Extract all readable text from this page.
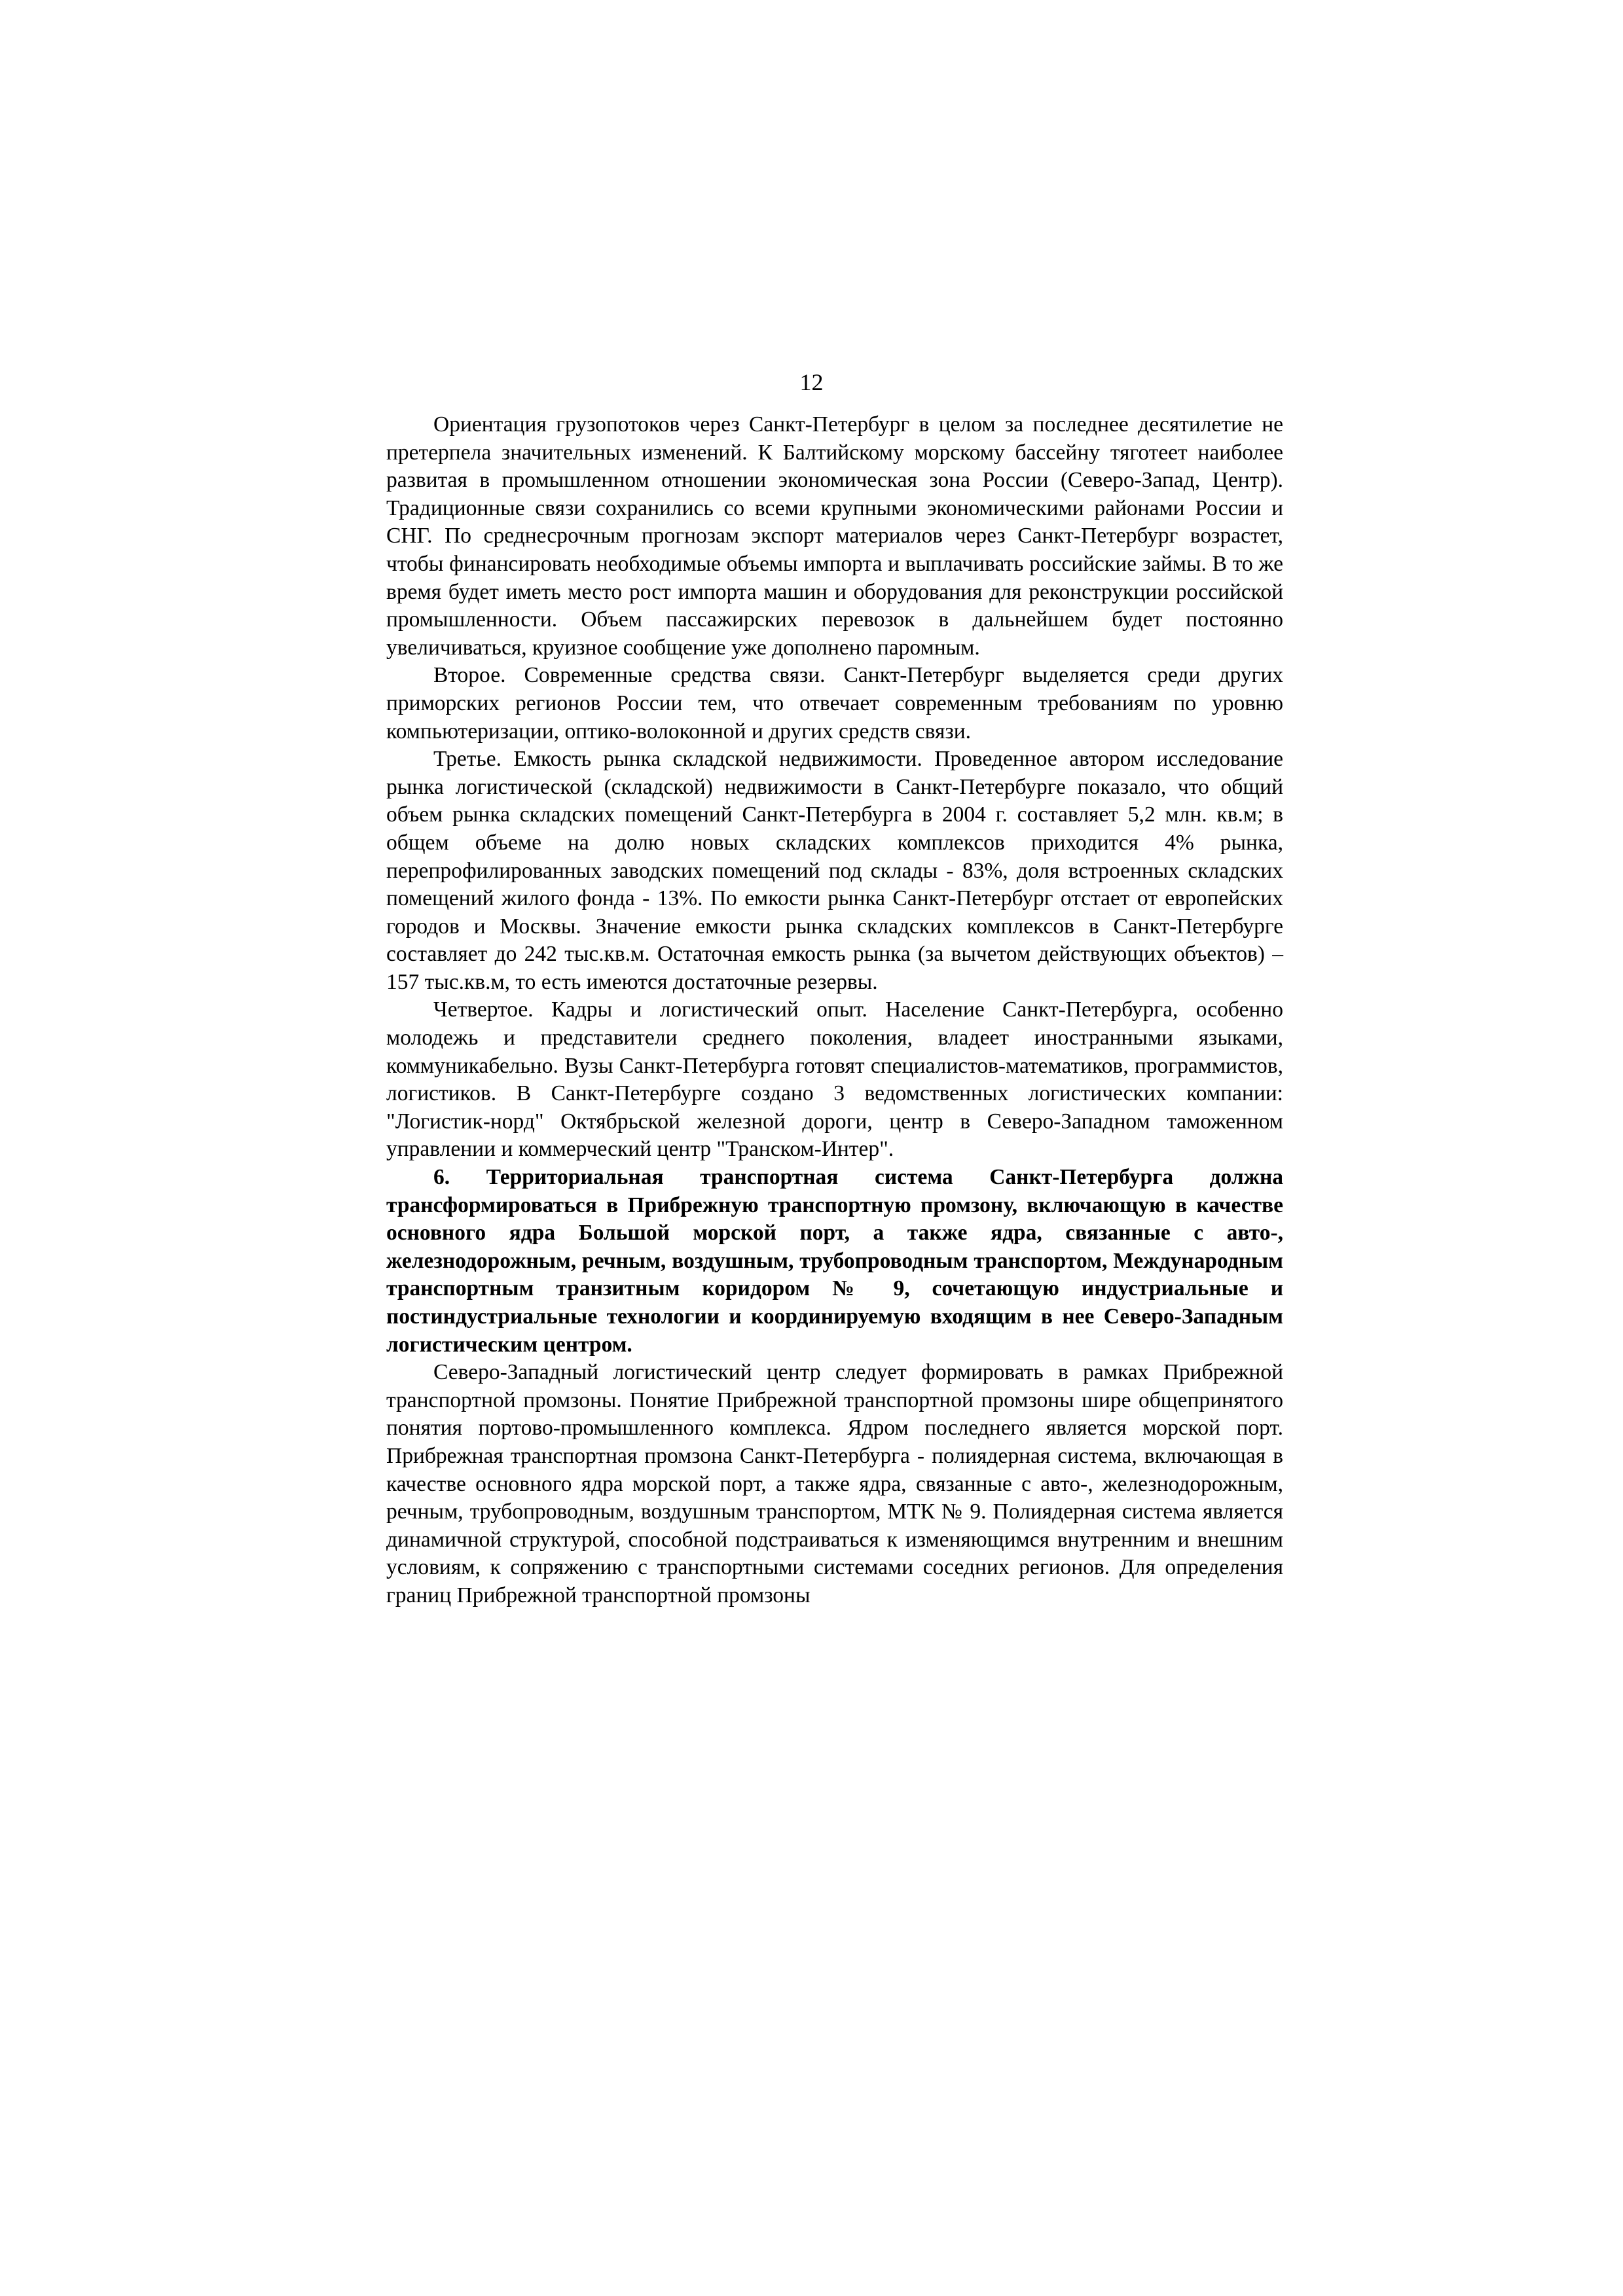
12

Ориентация грузопотоков через Санкт-Петербург в целом за последнее десятилетие не претерпела значительных изменений. К Балтийскому морскому бассейну тяготеет наиболее развитая в промышленном отношении экономическая зона России (Северо-Запад, Центр). Традиционные связи сохранились со всеми крупными экономическими районами России и СНГ. По среднесрочным прогнозам экспорт материалов через Санкт-Петербург возрастет, чтобы финансировать необходимые объемы импорта и выплачивать российские займы. В то же время будет иметь место рост импорта машин и оборудования для реконструкции российской промышленности. Объем пассажирских перевозок в дальнейшем будет постоянно увеличиваться, круизное сообщение уже дополнено паромным.

Второе. Современные средства связи. Санкт-Петербург выделяется среди других приморских регионов России тем, что отвечает современным требованиям по уровню компьютеризации, оптико-волоконной и других средств связи.

Третье. Емкость рынка складской недвижимости. Проведенное автором исследование рынка логистической (складской) недвижимости в Санкт-Петербурге показало, что общий объем рынка складских помещений Санкт-Петербурга в 2004 г. составляет 5,2 млн. кв.м; в общем объеме на долю новых складских комплексов приходится 4% рынка, перепрофилированных заводских помещений под склады - 83%, доля встроенных складских помещений жилого фонда - 13%. По емкости рынка Санкт-Петербург отстает от европейских городов и Москвы. Значение емкости рынка складских комплексов в Санкт-Петербурге составляет до 242 тыс.кв.м. Остаточная емкость рынка (за вычетом действующих объектов) – 157 тыс.кв.м, то есть имеются достаточные резервы.

Четвертое. Кадры и логистический опыт. Население Санкт-Петербурга, особенно молодежь и представители среднего поколения, владеет иностранными языками, коммуникабельно. Вузы Санкт-Петербурга готовят специалистов-математиков, программистов, логистиков. В Санкт-Петербурге создано 3 ведомственных логистических компании: "Логистик-норд" Октябрьской железной дороги, центр в Северо-Западном таможенном управлении и коммерческий центр "Транском-Интер".

6. Территориальная транспортная система Санкт-Петербурга должна трансформироваться в Прибрежную транспортную промзону, включающую в качестве основного ядра Большой морской порт, а также ядра, связанные с авто-, железнодорожным, речным, воздушным, трубопроводным транспортом, Международным транспортным транзитным коридором № 9, сочетающую индустриальные и постиндустриальные технологии и координируемую входящим в нее Северо-Западным логистическим центром.

Северо-Западный логистический центр следует формировать в рамках Прибрежной транспортной промзоны. Понятие Прибрежной транспортной промзоны шире общепринятого понятия портово-промышленного комплекса. Ядром последнего является морской порт. Прибрежная транспортная промзона Санкт-Петербурга - полиядерная система, включающая в качестве основного ядра морской порт, а также ядра, связанные с авто-, железнодорожным, речным, трубопроводным, воздушным транспортом, МТК № 9. Полиядерная система является динамичной структурой, способной подстраиваться к изменяющимся внутренним и внешним условиям, к сопряжению с транспортными системами соседних регионов. Для определения границ Прибрежной транспортной промзоны
